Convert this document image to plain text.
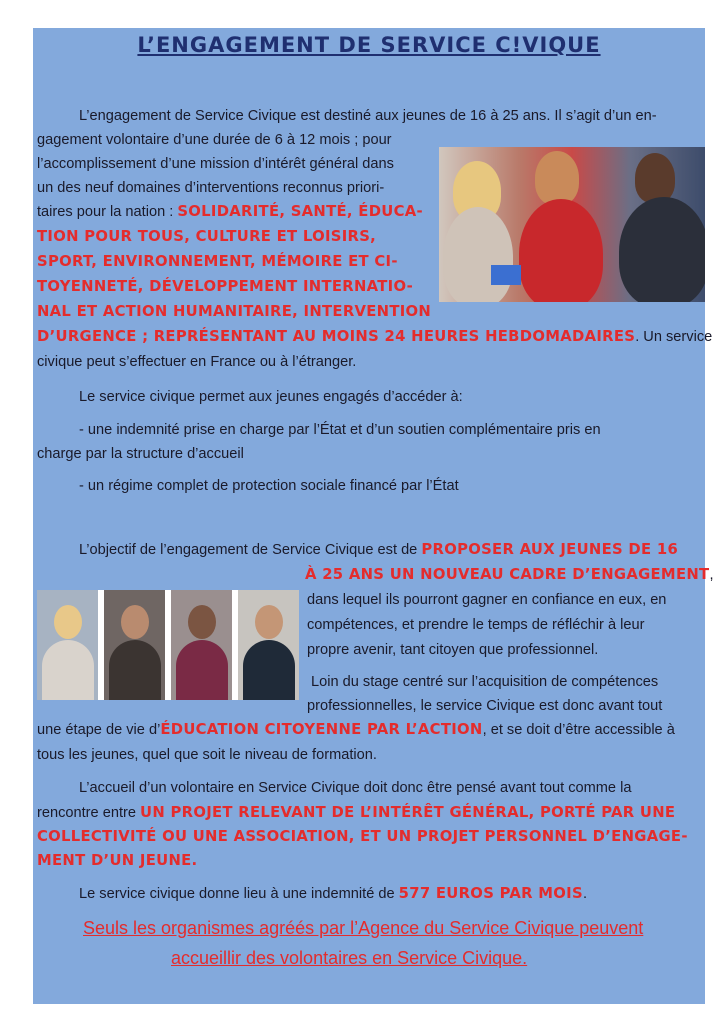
L’ENGAGEMENT DE SERVICE C!VIQUE
L’engagement de Service Civique est destiné aux jeunes de 16 à 25 ans. Il s’agit d’un en-
gagement volontaire d’une durée de 6 à 12 mois ; pour
l’accomplissement d’une mission d’intérêt général dans
un des neuf domaines d’interventions reconnus priori-
taires pour la nation : SOLIDARITÉ, SANTÉ, ÉDUCA-
TION POUR TOUS, CULTURE ET LOISIRS,
SPORT, ENVIRONNEMENT, MÉMOIRE ET CI-
TOYENNETÉ, DÉVELOPPEMENT INTERNATIO-
NAL ET ACTION HUMANITAIRE, INTERVENTION
D’URGENCE ; REPRÉSENTANT AU MOINS 24 HEURES HEBDOMADAIRES. Un service
civique peut s’effectuer en France ou à l’étranger.
Le service civique permet aux jeunes engagés d’accéder à:
- une indemnité prise en charge par l’État et d’un soutien complémentaire pris en
charge par la structure d’accueil
- un régime complet de protection sociale financé par l’État
L’objectif de l’engagement de Service Civique est de PROPOSER AUX JEUNES DE 16
À 25 ANS UN NOUVEAU CADRE D’ENGAGEMENT,
dans lequel ils pourront gagner en confiance en eux, en
compétences, et prendre le temps de réfléchir à leur
propre avenir, tant citoyen que professionnel.
Loin du stage centré sur l’acquisition de compétences
professionnelles, le service Civique est donc avant tout
une étape de vie d’ÉDUCATION CITOYENNE PAR L’ACTION, et se doit d’être accessible à
tous les jeunes, quel que soit le niveau de formation.
L’accueil d’un volontaire en Service Civique doit donc être pensé avant tout comme la
rencontre entre UN PROJET RELEVANT DE L’INTÉRÊT GÉNÉRAL, PORTÉ PAR UNE
COLLECTIVITÉ OU UNE ASSOCIATION, ET UN PROJET PERSONNEL D’ENGAGE-
MENT D’UN JEUNE.
Le service civique donne lieu à une indemnité de 577 EUROS PAR MOIS.
Seuls les organismes agréés par l’Agence du Service Civique peuvent
accueillir des volontaires en Service Civique.
